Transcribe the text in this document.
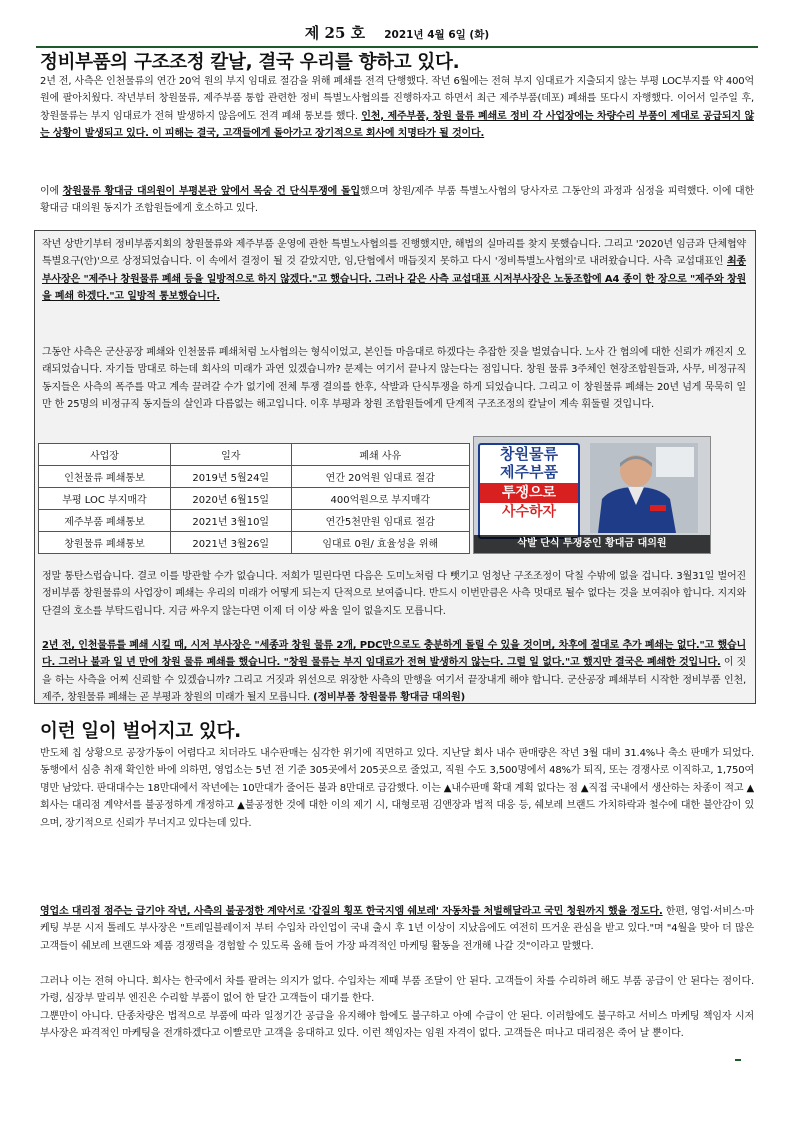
제 25 호 2021년 4월 6일 (화)
정비부품의 구조조정 칼날, 결국 우리를 향하고 있다.

2년 전, 사측은 인천물류의 연간 20억 원의 부지 임대료 절감을 위해 폐쇄를 전격 단행했다. 작년 6월에는 전혀 부지 임대료가 지출되지 않는 부평 LOC부지를 약 400억 원에 팔아치웠다. 작년부터 창원물류, 제주부품 통합 관련한 정비 특별노사협의를 진행하자고 하면서 최근 제주부품(데포) 폐쇄를 또다시 자행했다. 이어서 일주일 후, 창원물류는 부지 임대료가 전혀 발생하지 않음에도 전격 폐쇄 통보를 했다. 인천, 제주부품, 창원 물류 폐쇄로 정비 각 사업장에는 차량수리 부품이 제대로 공급되지 않는 상황이 발생되고 있다. 이 피해는 결국, 고객들에게 돌아가고 장기적으로 회사에 치명타가 될 것이다.

이에 창원물류 황대금 대의원이 부평본관 앞에서 목숨 건 단식투쟁에 돌입했으며 창원/제주 부품 특별노사협의 당사자로 그동안의 과정과 심정을 피력했다. 이에 대한 황대금 대의원 동지가 조합원들에게 호소하고 있다.

작년 상반기부터 정비부품지회의 창원물류와 제주부품 운영에 관한 특별노사협의를 진행했지만, 해법의 실마리를 찾지 못했습니다. 그리고 '2020년 임금과 단체협약 특별요구(안)'으로 상정되었습니다. 이 속에서 결정이 될 것 같았지만, 임,단협에서 매듭짓지 못하고 다시 '정비특별노사협의'로 내려왔습니다. 사측 교섭대표인 최종 부사장은 "제주나 창원물류 폐쇄 등을 일방적으로 하지 않겠다."고 했습니다. 그러나 같은 사측 교섭대표 시저부사장은 노동조합에 A4 종이 한 장으로 "제주와 창원을 폐쇄 하겠다."고 일방적 통보했습니다.

그동안 사측은 군산공장 폐쇄와 인천물류 폐쇄처럼 노사협의는 형식이었고, 본인들 마음대로 하겠다는 추잡한 짓을 벌였습니다. 노사 간 협의에 대한 신뢰가 깨진지 오래되었습니다. 자기들 맘대로 하는데 회사의 미래가 과연 있겠습니까? 문제는 여기서 끝나지 않는다는 점입니다. 창원 물류 3주체인 현장조합원들과, 사무, 비정규직 동지들은 사측의 폭주를 막고 계속 끌려갈 수가 없기에 전체 투쟁 결의를 한후, 삭발과 단식투쟁을 하게 되었습니다. 그리고 이 창원물류 폐쇄는 20년 넘게 묵묵히 일만 한 25명의 비정규직 동지들의 살인과 다름없는 해고입니다. 이후 부평과 창원 조합원들에게 단계적 구조조정의 칼날이 계속 휘둘릴 것입니다.

사업장	일자	폐쇄 사유
인천물류 폐쇄통보	2019년 5월24일	연간 20억원 임대료 절감
부평 LOC 부지매각	2020년 6월15일	400억원으로 부지매각
제주부품 폐쇄통보	2021년 3월10일	연간5천만원 임대료 절감
창원물류 폐쇄통보	2021년 3월26일	임대료 0원/ 효율성을 위해
창원물류
제주부품
투쟁으로
사수하자
삭발 단식 투쟁중인 황대금 대의원

정말 통탄스럽습니다. 결코 이를 방관할 수가 없습니다. 저희가 밀린다면 다음은 도미노처럼 다 뺏기고 엄청난 구조조정이 닥칠 수밖에 없을 겁니다. 3월31일 벌어진 정비부품 창원물류의 사업장이 폐쇄는 우리의 미래가 어떻게 되는지 단적으로 보여줍니다. 반드시 이번만큼은 사측 멋대로 될수 없다는 것을 보여줘야 합니다. 지지와 단결의 호소를 부탁드립니다. 지금 싸우지 않는다면 이제 더 이상 싸울 일이 없을지도 모릅니다.

2년 전, 인천물류를 폐쇄 시킬 때, 시저 부사장은 "세종과 창원 물류 2개, PDC만으로도 충분하게 돌릴 수 있을 것이며, 차후에 절대로 추가 폐쇄는 없다."고 했습니다. 그러나 불과 일 년 만에 창원 물류 폐쇄를 했습니다. "창원 물류는 부지 임대료가 전혀 발생하지 않는다. 그럴 일 없다."고 했지만 결국은 폐쇄한 것입니다. 이 짓을 하는 사측을 어찌 신뢰할 수 있겠습니까? 그리고 거짓과 위선으로 위장한 사측의 만행을 여기서 끝장내게 해야 합니다. 군산공장 폐쇄부터 시작한 정비부품 인천, 제주, 창원물류 폐쇄는 곧 부평과 창원의 미래가 될지 모릅니다. (정비부품 창원물류 황대금 대의원)

이런 일이 벌어지고 있다.

반도체 칩 상황으로 공장가동이 어렵다고 치더라도 내수판매는 심각한 위기에 직면하고 있다. 지난달 회사 내수 판매량은 작년 3월 대비 31.4%나 축소 판매가 되었다. 동행에서 심층 취재 확인한 바에 의하면, 영업소는 5년 전 기준 305곳에서 205곳으로 줄었고, 직원 수도 3,500명에서 48%가 퇴직, 또는 경쟁사로 이직하고, 1,750여명만 남았다. 판대대수는 18만대에서 작년에는 10만대가 줄어든 불과 8만대로 급감했다. 이는 ▲내수판매 확대 계획 없다는 점 ▲직접 국내에서 생산하는 차종이 적고 ▲회사는 대리점 계약서를 불공정하게 개정하고 ▲불공정한 것에 대한 이의 제기 시, 대형로펌 김앤장과 법적 대응 등, 쉐보레 브랜드 가치하락과 철수에 대한 불안감이 있으며, 장기적으로 신뢰가 무너지고 있다는데 있다.

영업소 대리점 점주는 급기야 작년, 사측의 불공정한 계약서로 '갑질의 횡포 한국지엠 쉐보레' 자동차를 처벌해달라고 국민 청원까지 했을 정도다. 한편, 영업·서비스·마케팅 부문 시저 톨레도 부사장은 "트레일블레이저 부터 수입차 라인업이 국내 출시 후 1년 이상이 지났음에도 여전히 뜨거운 관심을 받고 있다."며 "4월을 맞아 더 많은 고객들이 쉐보레 브랜드와 제품 경쟁력을 경험할 수 있도록 올해 들어 가장 파격적인 마케팅 활동을 전개해 나갈 것"이라고 말했다.

그러나 이는 전혀 아니다. 회사는 한국에서 차를 팔려는 의지가 없다. 수입차는 제때 부품 조달이 안 된다. 고객들이 차를 수리하려 해도 부품 공급이 안 된다는 점이다. 가령, 심장부 말리부 엔진은 수리할 부품이 없어 한 달간 고객들이 대기를 한다.

그뿐만이 아니다. 단종차량은 법적으로 부품에 따라 일정기간 공급을 유지해야 함에도 불구하고 아예 수급이 안 된다. 이러함에도 불구하고 서비스 마케팅 책임자 시저 부사장은 파격적인 마케팅을 전개하겠다고 이빨로만 고객을 응대하고 있다. 이런 책임자는 임원 자격이 없다. 고객들은 떠나고 대리점은 죽어 날 뿐이다.
